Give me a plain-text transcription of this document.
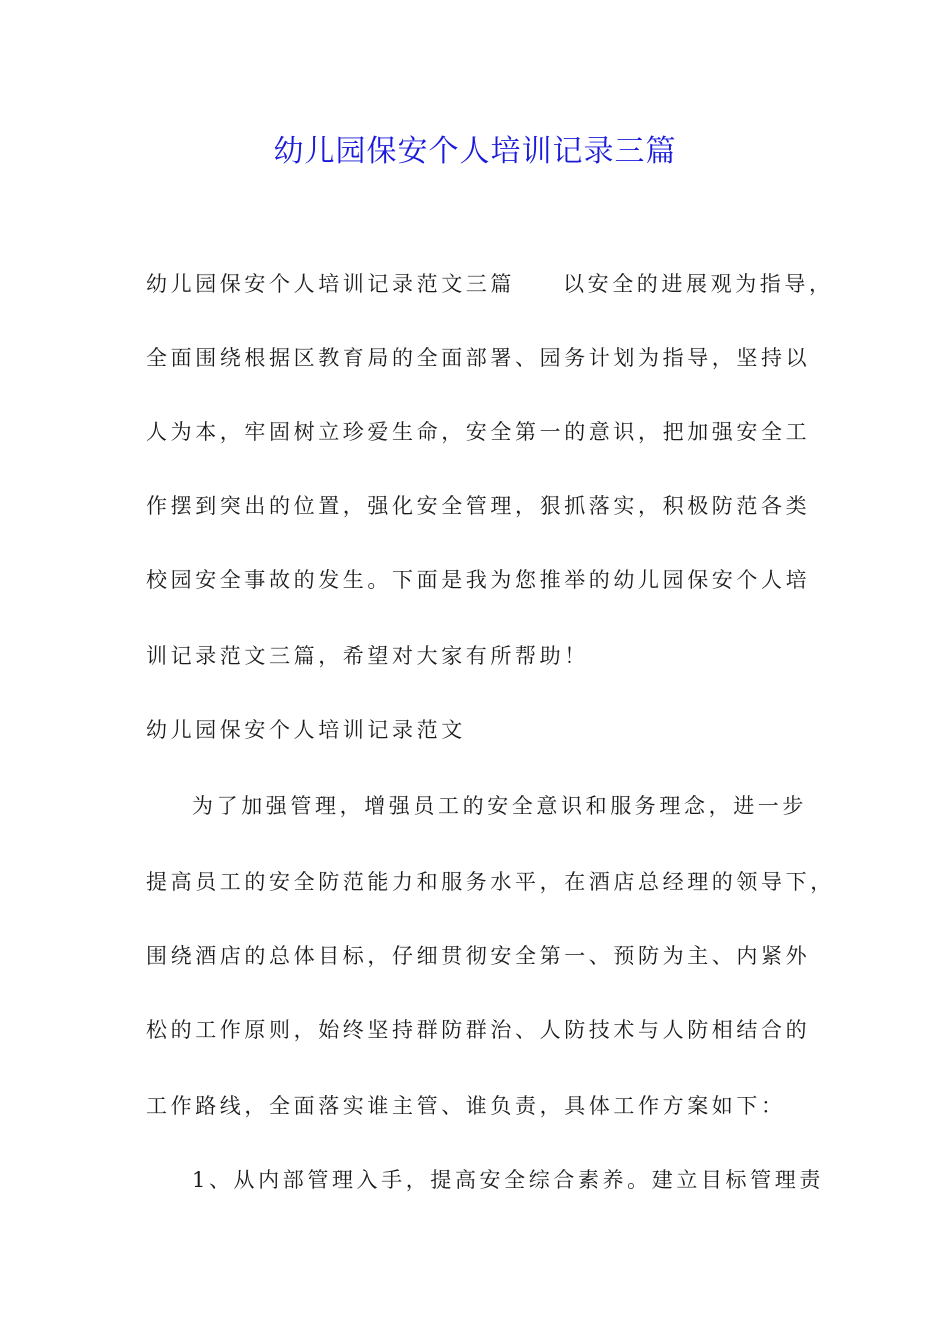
幼儿园保安个人培训记录三篇
幼儿园保安个人培训记录范文三篇 以安全的进展观为指导，
全面围绕根据区教育局的全面部署、园务计划为指导，坚持以
人为本，牢固树立珍爱生命，安全第一的意识，把加强安全工
作摆到突出的位置，强化安全管理，狠抓落实，积极防范各类
校园安全事故的发生。下面是我为您推举的幼儿园保安个人培
训记录范文三篇，希望对大家有所帮助！
幼儿园保安个人培训记录范文
为了加强管理，增强员工的安全意识和服务理念，进一步
提高员工的安全防范能力和服务水平，在酒店总经理的领导下，
围绕酒店的总体目标，仔细贯彻安全第一、预防为主、内紧外
松的工作原则，始终坚持群防群治、人防技术与人防相结合的
工作路线，全面落实谁主管、谁负责，具体工作方案如下：
1、从内部管理入手，提高安全综合素养。建立目标管理责
